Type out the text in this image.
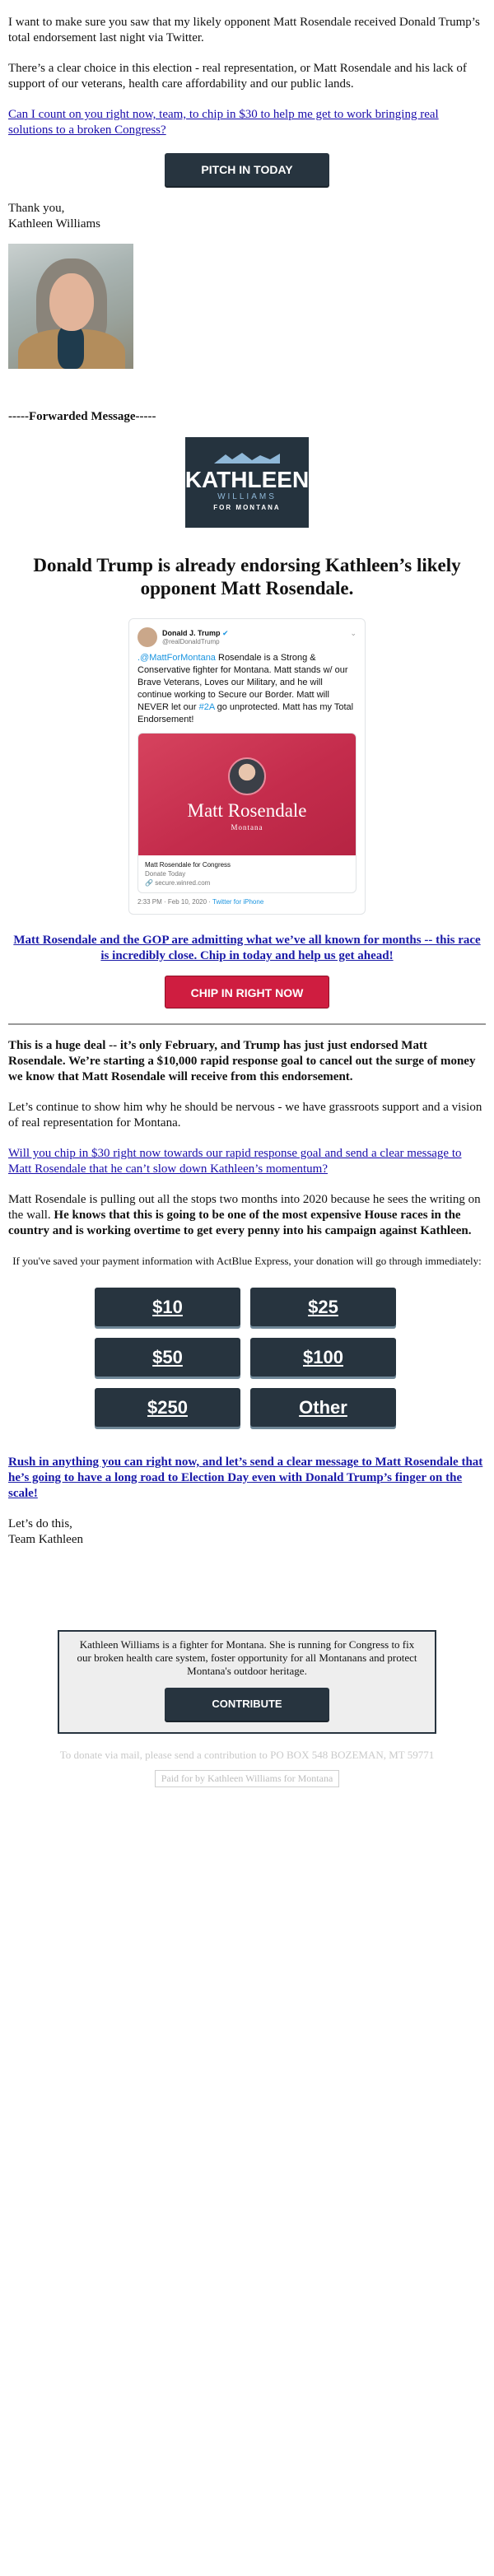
I want to make sure you saw that my likely opponent Matt Rosendale received Donald Trump’s total endorsement last night via Twitter.

There’s a clear choice in this election - real representation, or Matt Rosendale and his lack of support of our veterans, health care affordability and our public lands.

Can I count on you right now, team, to chip in $30 to help me get to work bringing real solutions to a broken Congress?

PITCH IN TODAY
Thank you,
Kathleen Williams
-----Forwarded Message-----
KATHLEEN
WILLIAMS
FOR MONTANA
Donald Trump is already endorsing Kathleen’s likely opponent Matt Rosendale.
Donald J. Trump ✔
@realDonaldTrump
⌄
.@MattForMontana Rosendale is a Strong & Conservative fighter for Montana. Matt stands w/ our Brave Veterans, Loves our Military, and he will continue working to Secure our Border. Matt will NEVER let our #2A go unprotected. Matt has my Total Endorsement!
Matt Rosendale
Montana
Matt Rosendale for Congress
Donate Today
🔗 secure.winred.com
2:33 PM · Feb 10, 2020 · Twitter for iPhone
Matt Rosendale and the GOP are admitting what we’ve all known for months -- this race is incredibly close. Chip in today and help us get ahead!
CHIP IN RIGHT NOW

This is a huge deal -- it’s only February, and Trump has just just endorsed Matt Rosendale. We’re starting a $10,000 rapid response goal to cancel out the surge of money we know that Matt Rosendale will receive from this endorsement.

Let’s continue to show him why he should be nervous - we have grassroots support and a vision of real representation for Montana.

Will you chip in $30 right now towards our rapid response goal and send a clear message to Matt Rosendale that he can’t slow down Kathleen’s momentum?

Matt Rosendale is pulling out all the stops two months into 2020 because he sees the writing on the wall. He knows that this is going to be one of the most expensive House races in the country and is working overtime to get every penny into his campaign against Kathleen.

If you've saved your payment information with ActBlue Express, your donation will go through immediately:
$10	$25
$50	$100
$250	Other

Rush in anything you can right now, and let’s send a clear message to Matt Rosendale that he’s going to have a long road to Election Day even with Donald Trump’s finger on the scale!

Let’s do this,
Team Kathleen

Kathleen Williams is a fighter for Montana. She is running for Congress to fix our broken health care system, foster opportunity for all Montanans and protect Montana's outdoor heritage.

CONTRIBUTE
To donate via mail, please send a contribution to PO BOX 548 BOZEMAN, MT 59771
Paid for by Kathleen Williams for Montana
